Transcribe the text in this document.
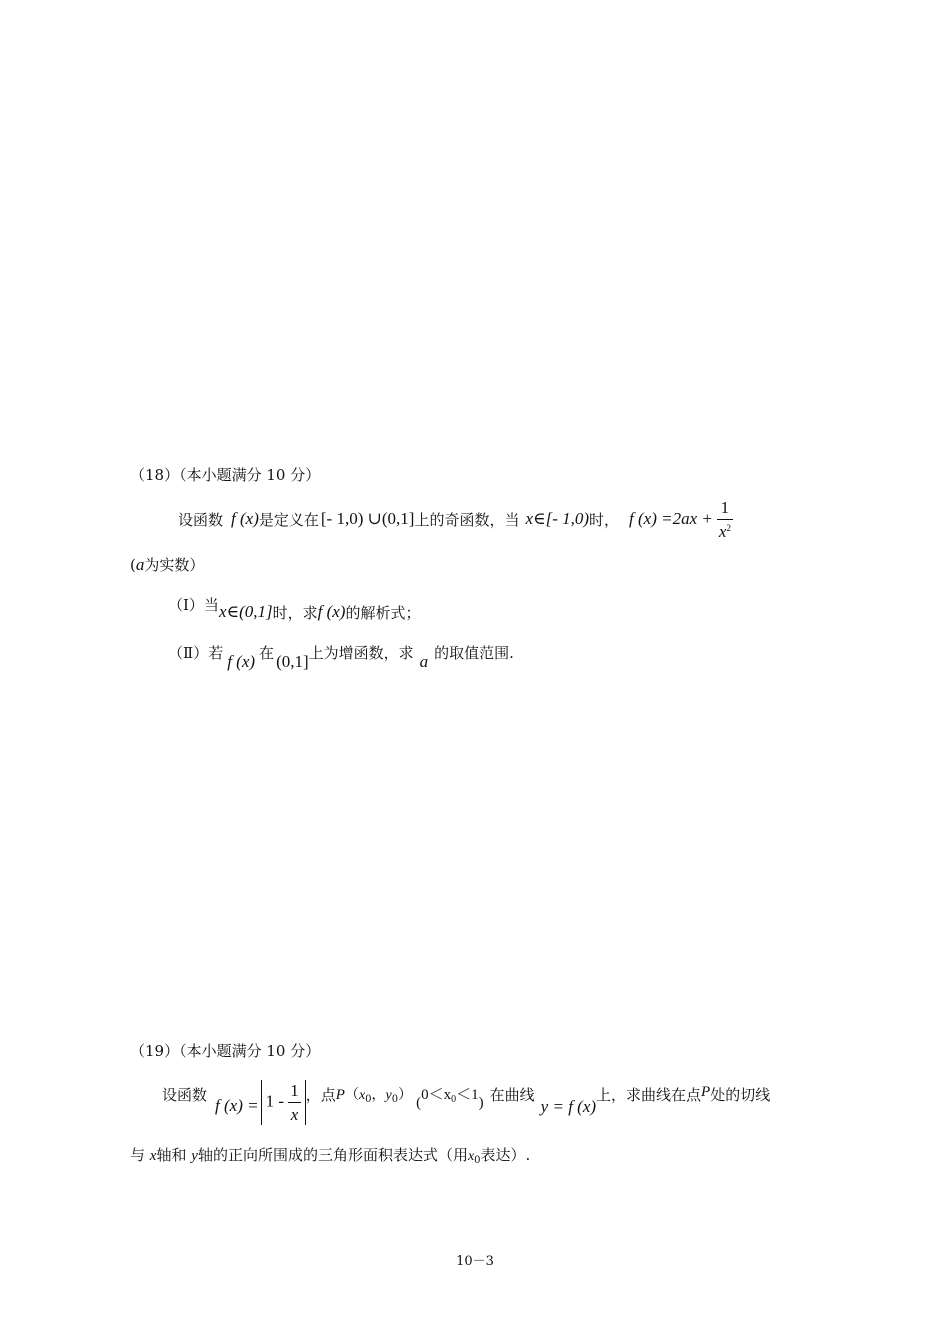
（18）（本小题满分 10 分）
设函数 f (x) 是定义在 [- 1,0) ∪(0,1] 上的奇函数，当 x∈[- 1,0) 时， f $(x) =2ax + \frac{1}{x^2}$
(a为实数）
（Ⅰ）当 x∈(0,1] 时，求 f (x) 的解析式；
（Ⅱ）若 f (x) 在 (0,1] 上为增函数，求 a 的取值范围.
（19）（本小题满分 10 分）
设函数
f $(x) = 1 - \frac{1}{x}$ ，点 $P(x_0$，$y_0$） $(0<x_0<1)$ 在曲线
y = f (x)
上，求曲线在点 P 处的切线
与 x轴和 y轴的正向所围成的三角形面积表达式（用$x_0$表达）.
10－3
